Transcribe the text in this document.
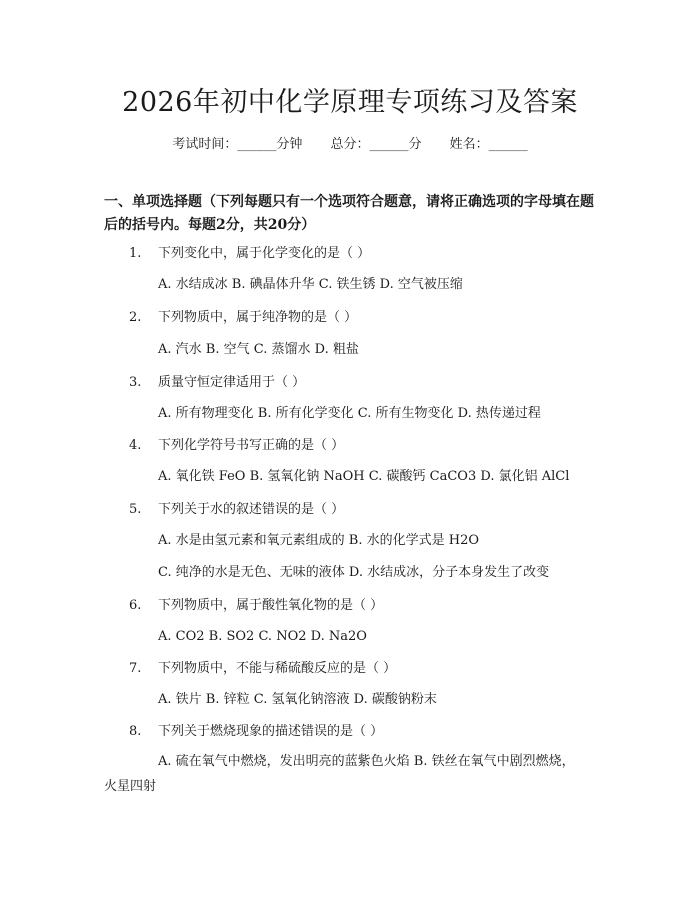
2026年初中化学原理专项练习及答案
考试时间：______分钟 总分：______分 姓名：______
一、单项选择题（下列每题只有一个选项符合题意，请将正确选项的字母填在题后的括号内。每题2分，共20分）
1. 下列变化中，属于化学变化的是（ ）
A. 水结成冰 B. 碘晶体升华 C. 铁生锈 D. 空气被压缩
2. 下列物质中，属于纯净物的是（ ）
A. 汽水 B. 空气 C. 蒸馏水 D. 粗盐
3. 质量守恒定律适用于（ ）
A. 所有物理变化 B. 所有化学变化 C. 所有生物变化 D. 热传递过程
4. 下列化学符号书写正确的是（ ）
A. 氧化铁 FeO B. 氢氧化钠 NaOH C. 碳酸钙 CaCO3 D. 氯化铝 AlCl
5. 下列关于水的叙述错误的是（ ）
A. 水是由氢元素和氧元素组成的 B. 水的化学式是 H2O
C. 纯净的水是无色、无味的液体 D. 水结成冰，分子本身发生了改变
6. 下列物质中，属于酸性氧化物的是（ ）
A. CO2 B. SO2 C. NO2 D. Na2O
7. 下列物质中，不能与稀硫酸反应的是（ ）
A. 铁片 B. 锌粒 C. 氢氧化钠溶液 D. 碳酸钠粉末
8. 下列关于燃烧现象的描述错误的是（ ）
A. 硫在氧气中燃烧，发出明亮的蓝紫色火焰 B. 铁丝在氧气中剧烈燃烧，火星四射
